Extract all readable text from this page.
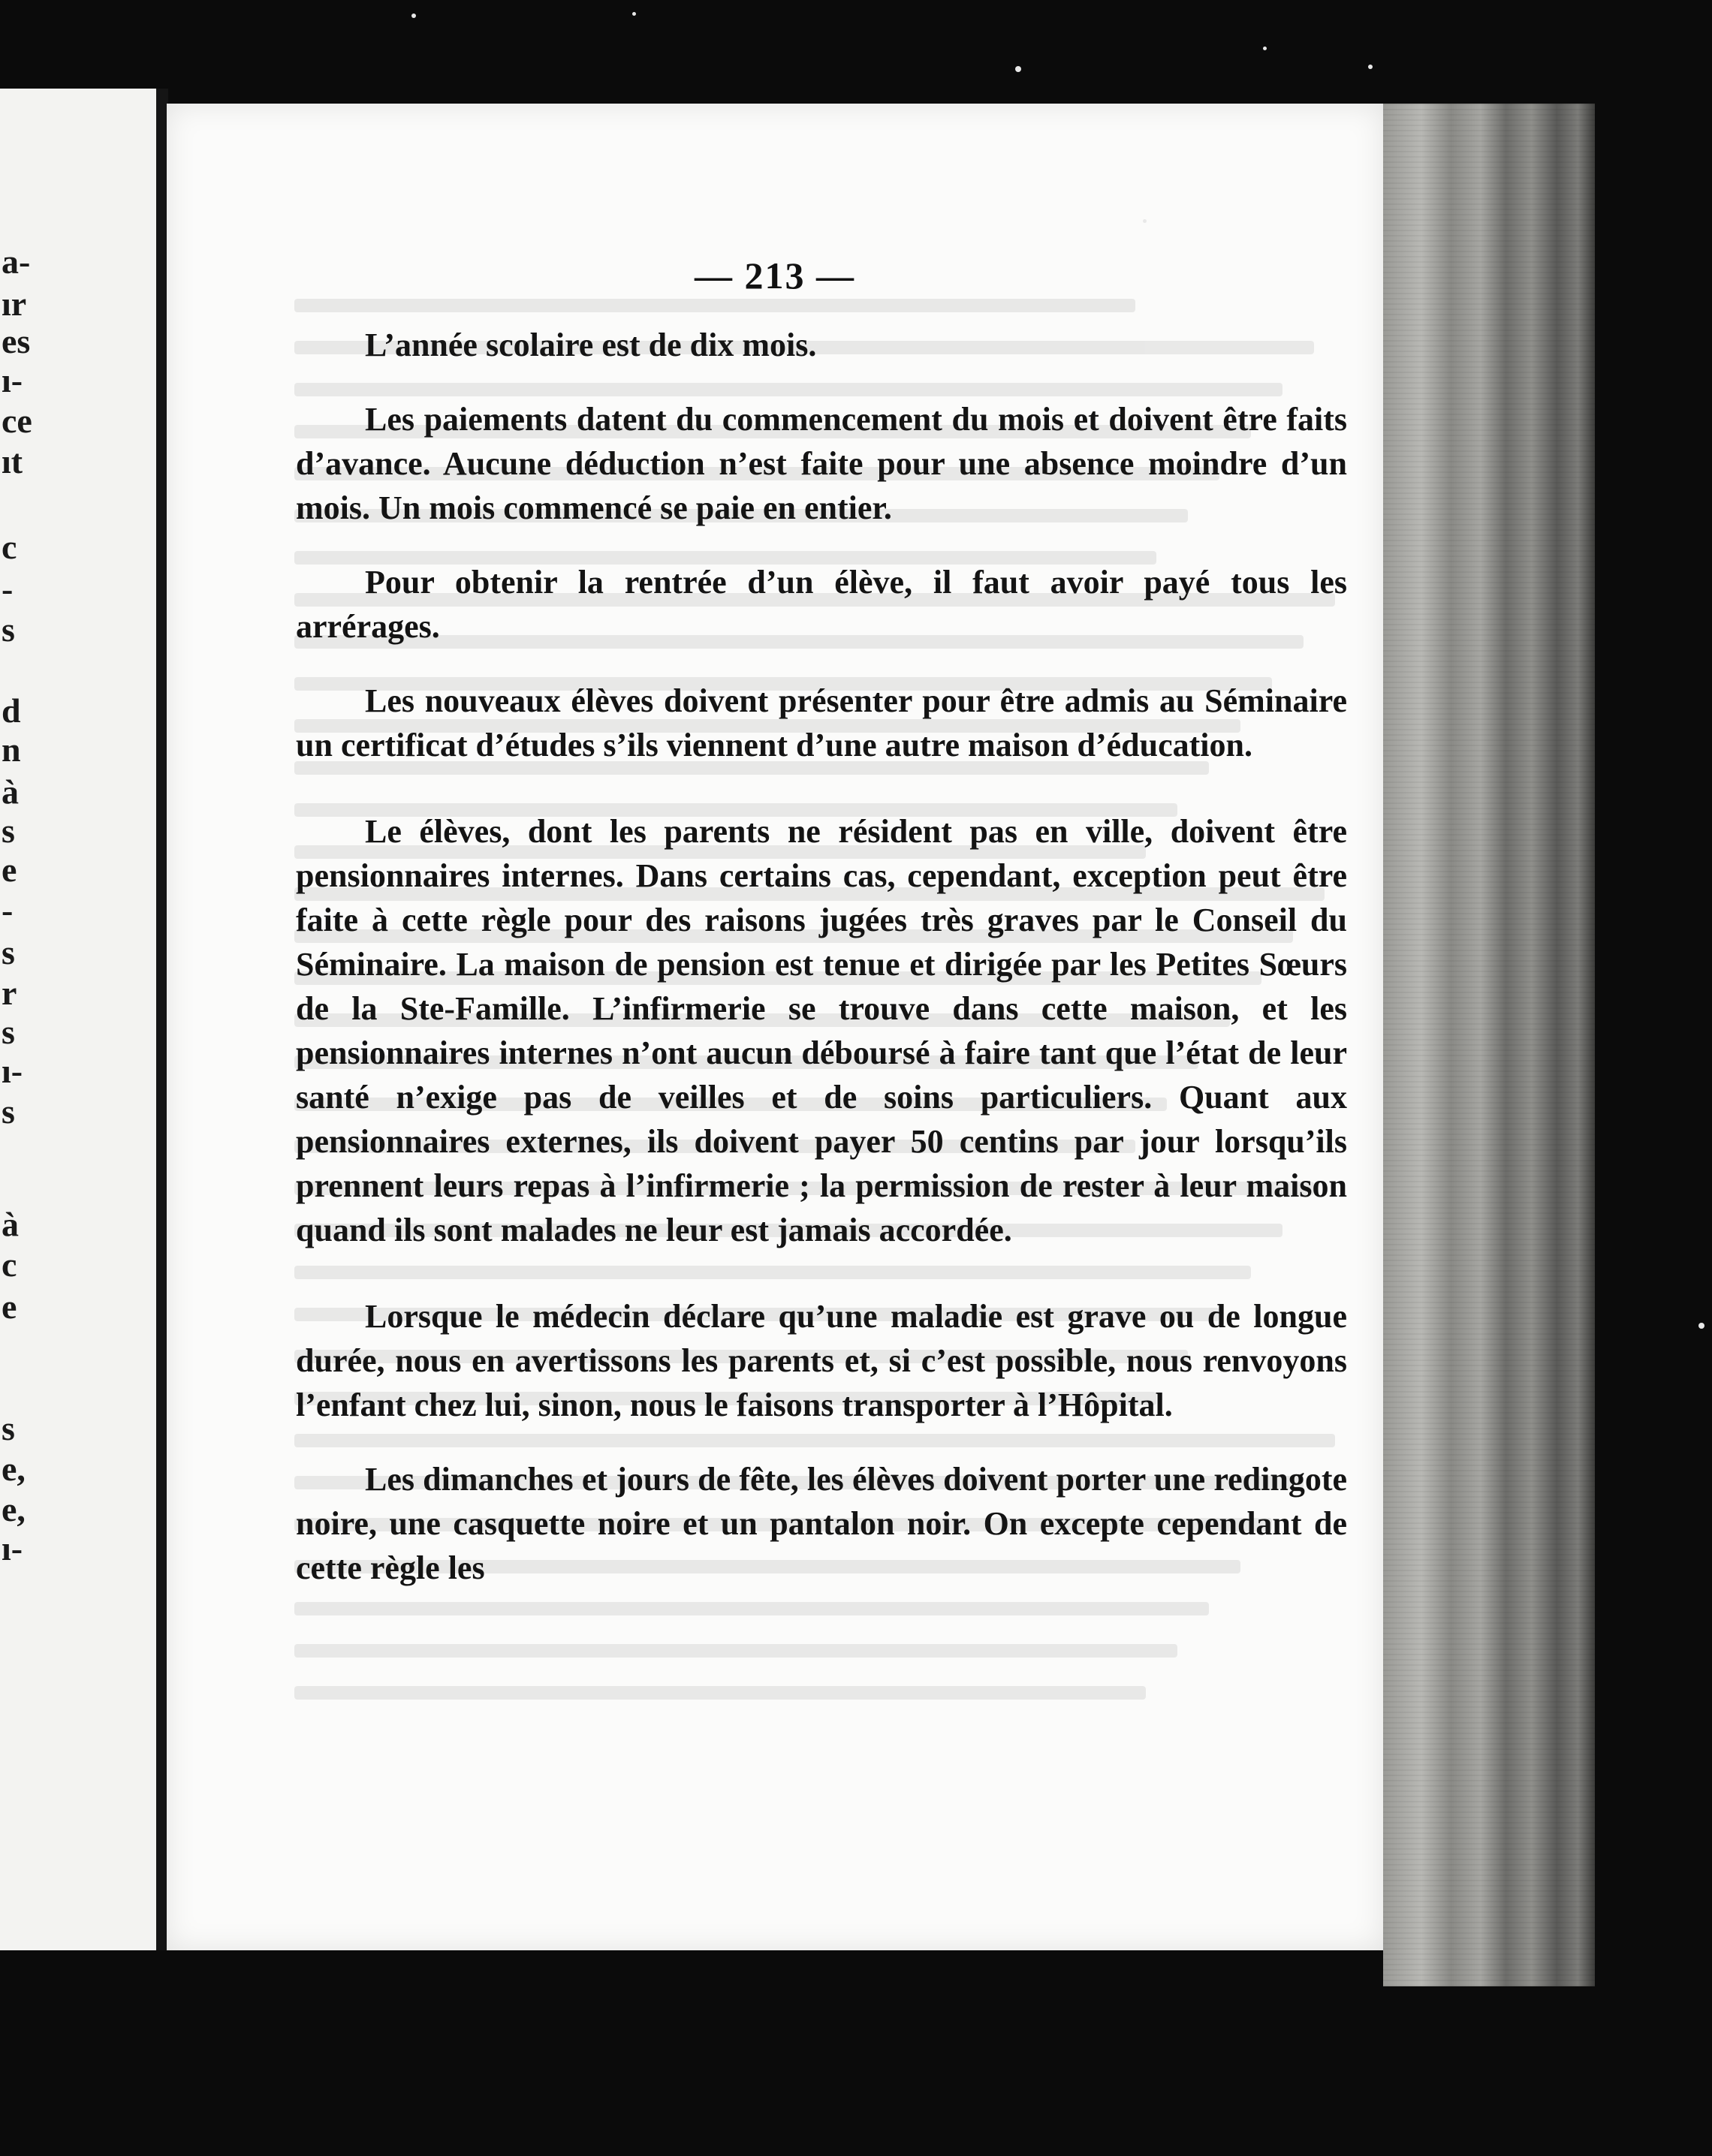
a-
ır
es
ı-
ce
ıt
c
-
s
d
n
à
s
e
-
s
r
s
ı-
s
à
c
e
s
e,
e,
ı-
— 213 —

L’année scolaire est de dix mois.

Les paiements datent du commencement du mois et doivent être faits d’avance. Aucune déduction n’est faite pour une absence moindre d’un mois. Un mois commencé se paie en entier.

Pour obtenir la rentrée d’un élève, il faut avoir payé tous les arrérages.

Les nouveaux élèves doivent présenter pour être admis au Séminaire un certificat d’études s’ils viennent d’une autre maison d’éducation.

Le élèves, dont les parents ne résident pas en ville, doivent être pensionnaires internes. Dans certains cas, cependant, exception peut être faite à cette règle pour des raisons jugées très graves par le Conseil du Séminaire. La maison de pension est tenue et dirigée par les Petites Sœurs de la Ste-Famille. L’infirmerie se trouve dans cette maison, et les pensionnaires internes n’ont aucun déboursé à faire tant que l’état de leur santé n’exige pas de veilles et de soins particuliers. Quant aux pensionnaires externes, ils doivent payer 50 centins par jour lorsqu’ils prennent leurs repas à l’infirmerie ; la permission de rester à leur maison quand ils sont malades ne leur est jamais accordée.

Lorsque le médecin déclare qu’une maladie est grave ou de longue durée, nous en avertissons les parents et, si c’est possible, nous renvoyons l’enfant chez lui, sinon, nous le faisons transporter à l’Hôpital.

Les dimanches et jours de fête, les élèves doivent porter une redingote noire, une casquette noire et un pantalon noir. On excepte cependant de cette règle les
